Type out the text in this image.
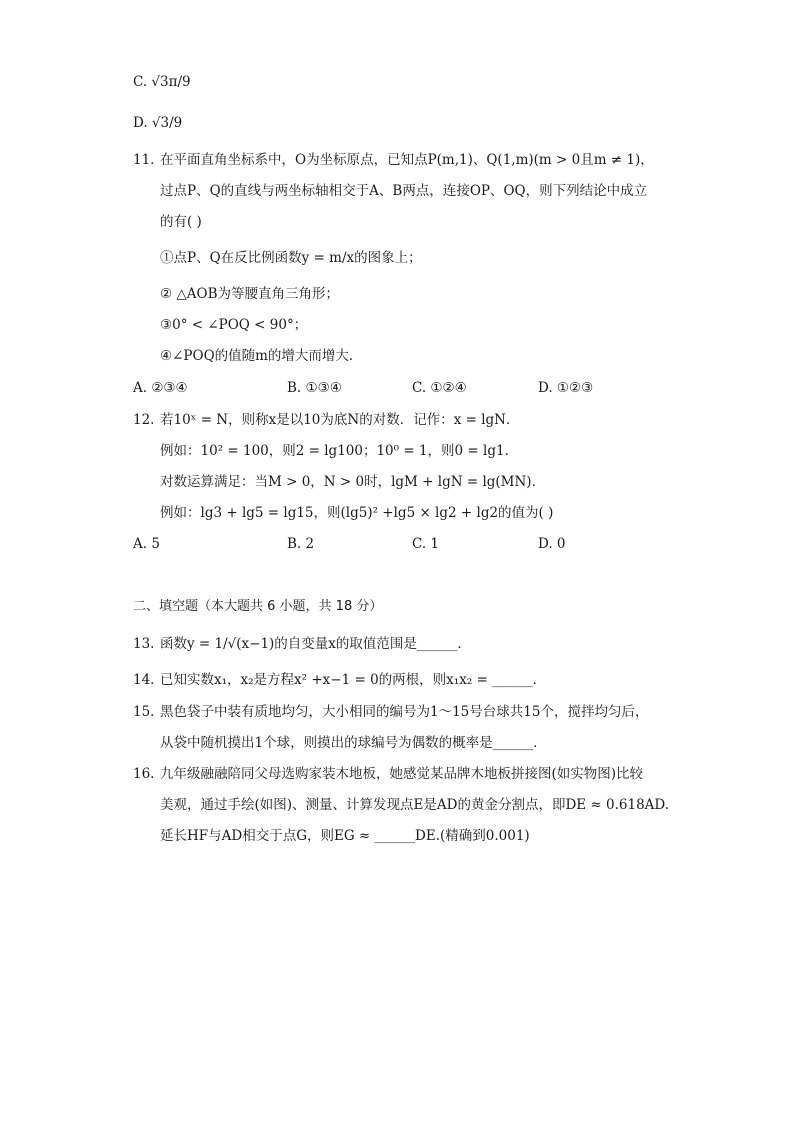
C. √3π/9
D. √3/9
11. 在平面直角坐标系中，O为坐标原点，已知点P(m,1)、Q(1,m)(m > 0且m ≠ 1)，
过点P、Q的直线与两坐标轴相交于A、B两点，连接OP、OQ，则下列结论中成立
的有( )
①点P、Q在反比例函数y = m/x的图象上；
② △AOB为等腰直角三角形；
③0° < ∠POQ < 90°；
④∠POQ的值随m的增大而增大．
A. ②③④	B. ①③④	C. ①②④	D. ①②③
12. 若10ˣ = N，则称x是以10为底N的对数．记作：x = lgN．
例如：10² = 100，则2 = lg100；10⁰ = 1，则0 = lg1．
对数运算满足：当M > 0，N > 0时，lgM + lgN = lg(MN)．
例如：lg3 + lg5 = lg15，则(lg5)² +lg5 × lg2 + lg2的值为( )
A. 5	B. 2	C. 1	D. 0
二、填空题（本大题共 6 小题，共 18 分）
13. 函数y = 1/√(x−1)的自变量x的取值范围是______．
14. 已知实数x₁，x₂是方程x² +x−1 = 0的两根，则x₁x₂ = ______．
15. 黑色袋子中装有质地均匀，大小相同的编号为1～15号台球共15个，搅拌均匀后，
从袋中随机摸出1个球，则摸出的球编号为偶数的概率是______．
16. 九年级融融陪同父母选购家装木地板，她感觉某品牌木地板拼接图(如实物图)比较
美观，通过手绘(如图)、测量、计算发现点E是AD的黄金分割点，即DE ≈ 0.618AD.
延长HF与AD相交于点G，则EG ≈ ______DE.(精确到0.001)
